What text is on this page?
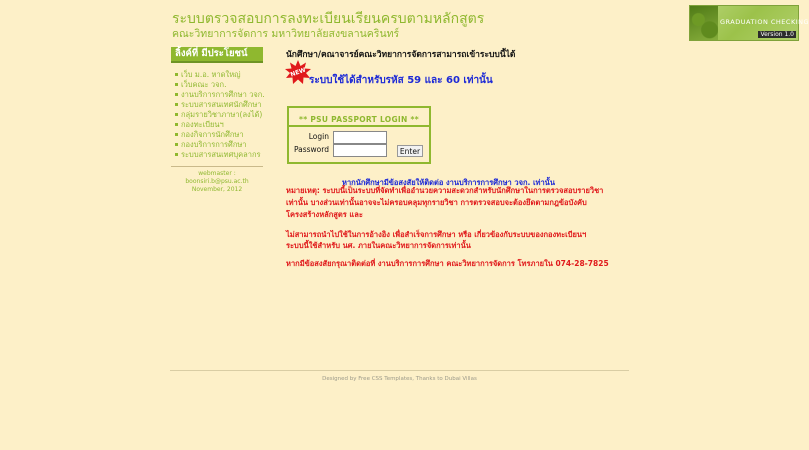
ระบบตรวจสอบการลงทะเบียนเรียนครบตามหลักสูตร
คณะวิทยาการจัดการ มหาวิทยาลัยสงขลานครินทร์
GRADUATION CHECKING
Version 1.0
ลิ้งค์ที่ มีประโยชน์
เว็บ ม.อ. หาดใหญ่
เว็บคณะ วจก.
งานบริการการศึกษา วจก.
ระบบสารสนเทศนักศึกษา
กลุ่มรายวิชาภาษา(ลงได้)
กองทะเบียนฯ
กองกิจการนักศึกษา
กองบริการการศึกษา
ระบบสารสนเทศบุคลากร
webmaster : boonsiri.b@psu.ac.th
November, 2012
นักศึกษา/คณาจารย์คณะวิทยาการจัดการสามารถเข้าระบบนี้ได้
NEW
ระบบใช้ได้สำหรับรหัส 59 และ 60 เท่านั้น
** PSU PASSPORT LOGIN **
Login
Password	Enter
หากนักศึกษามีข้อสงสัยให้ติดต่อ งานบริการการศึกษา วจก. เท่านั้น
หมายเหตุ: ระบบนี้เป็นระบบที่จัดทำเพื่ออำนวยความสะดวกสำหรับนักศึกษาในการตรวจสอบรายวิชา
เท่านั้น บางส่วนเท่านั้นอาจจะไม่ครอบคลุมทุกรายวิชา การตรวจสอบจะต้องยึดตามกฎข้อบังคับ
โครงสร้างหลักสูตร และ
ไม่สามารถนำไปใช้ในการอ้างอิง เพื่อสำเร็จการศึกษา หรือ เกี่ยวข้องกับระบบของกองทะเบียนฯ
ระบบนี้ใช้สำหรับ นศ. ภายในคณะวิทยาการจัดการเท่านั้น
หากมีข้อสงสัยกรุณาติดต่อที่ งานบริการการศึกษา คณะวิทยาการจัดการ โทรภายใน 074-28-7825
Designed by Free CSS Templates, Thanks to Dubai Villas
